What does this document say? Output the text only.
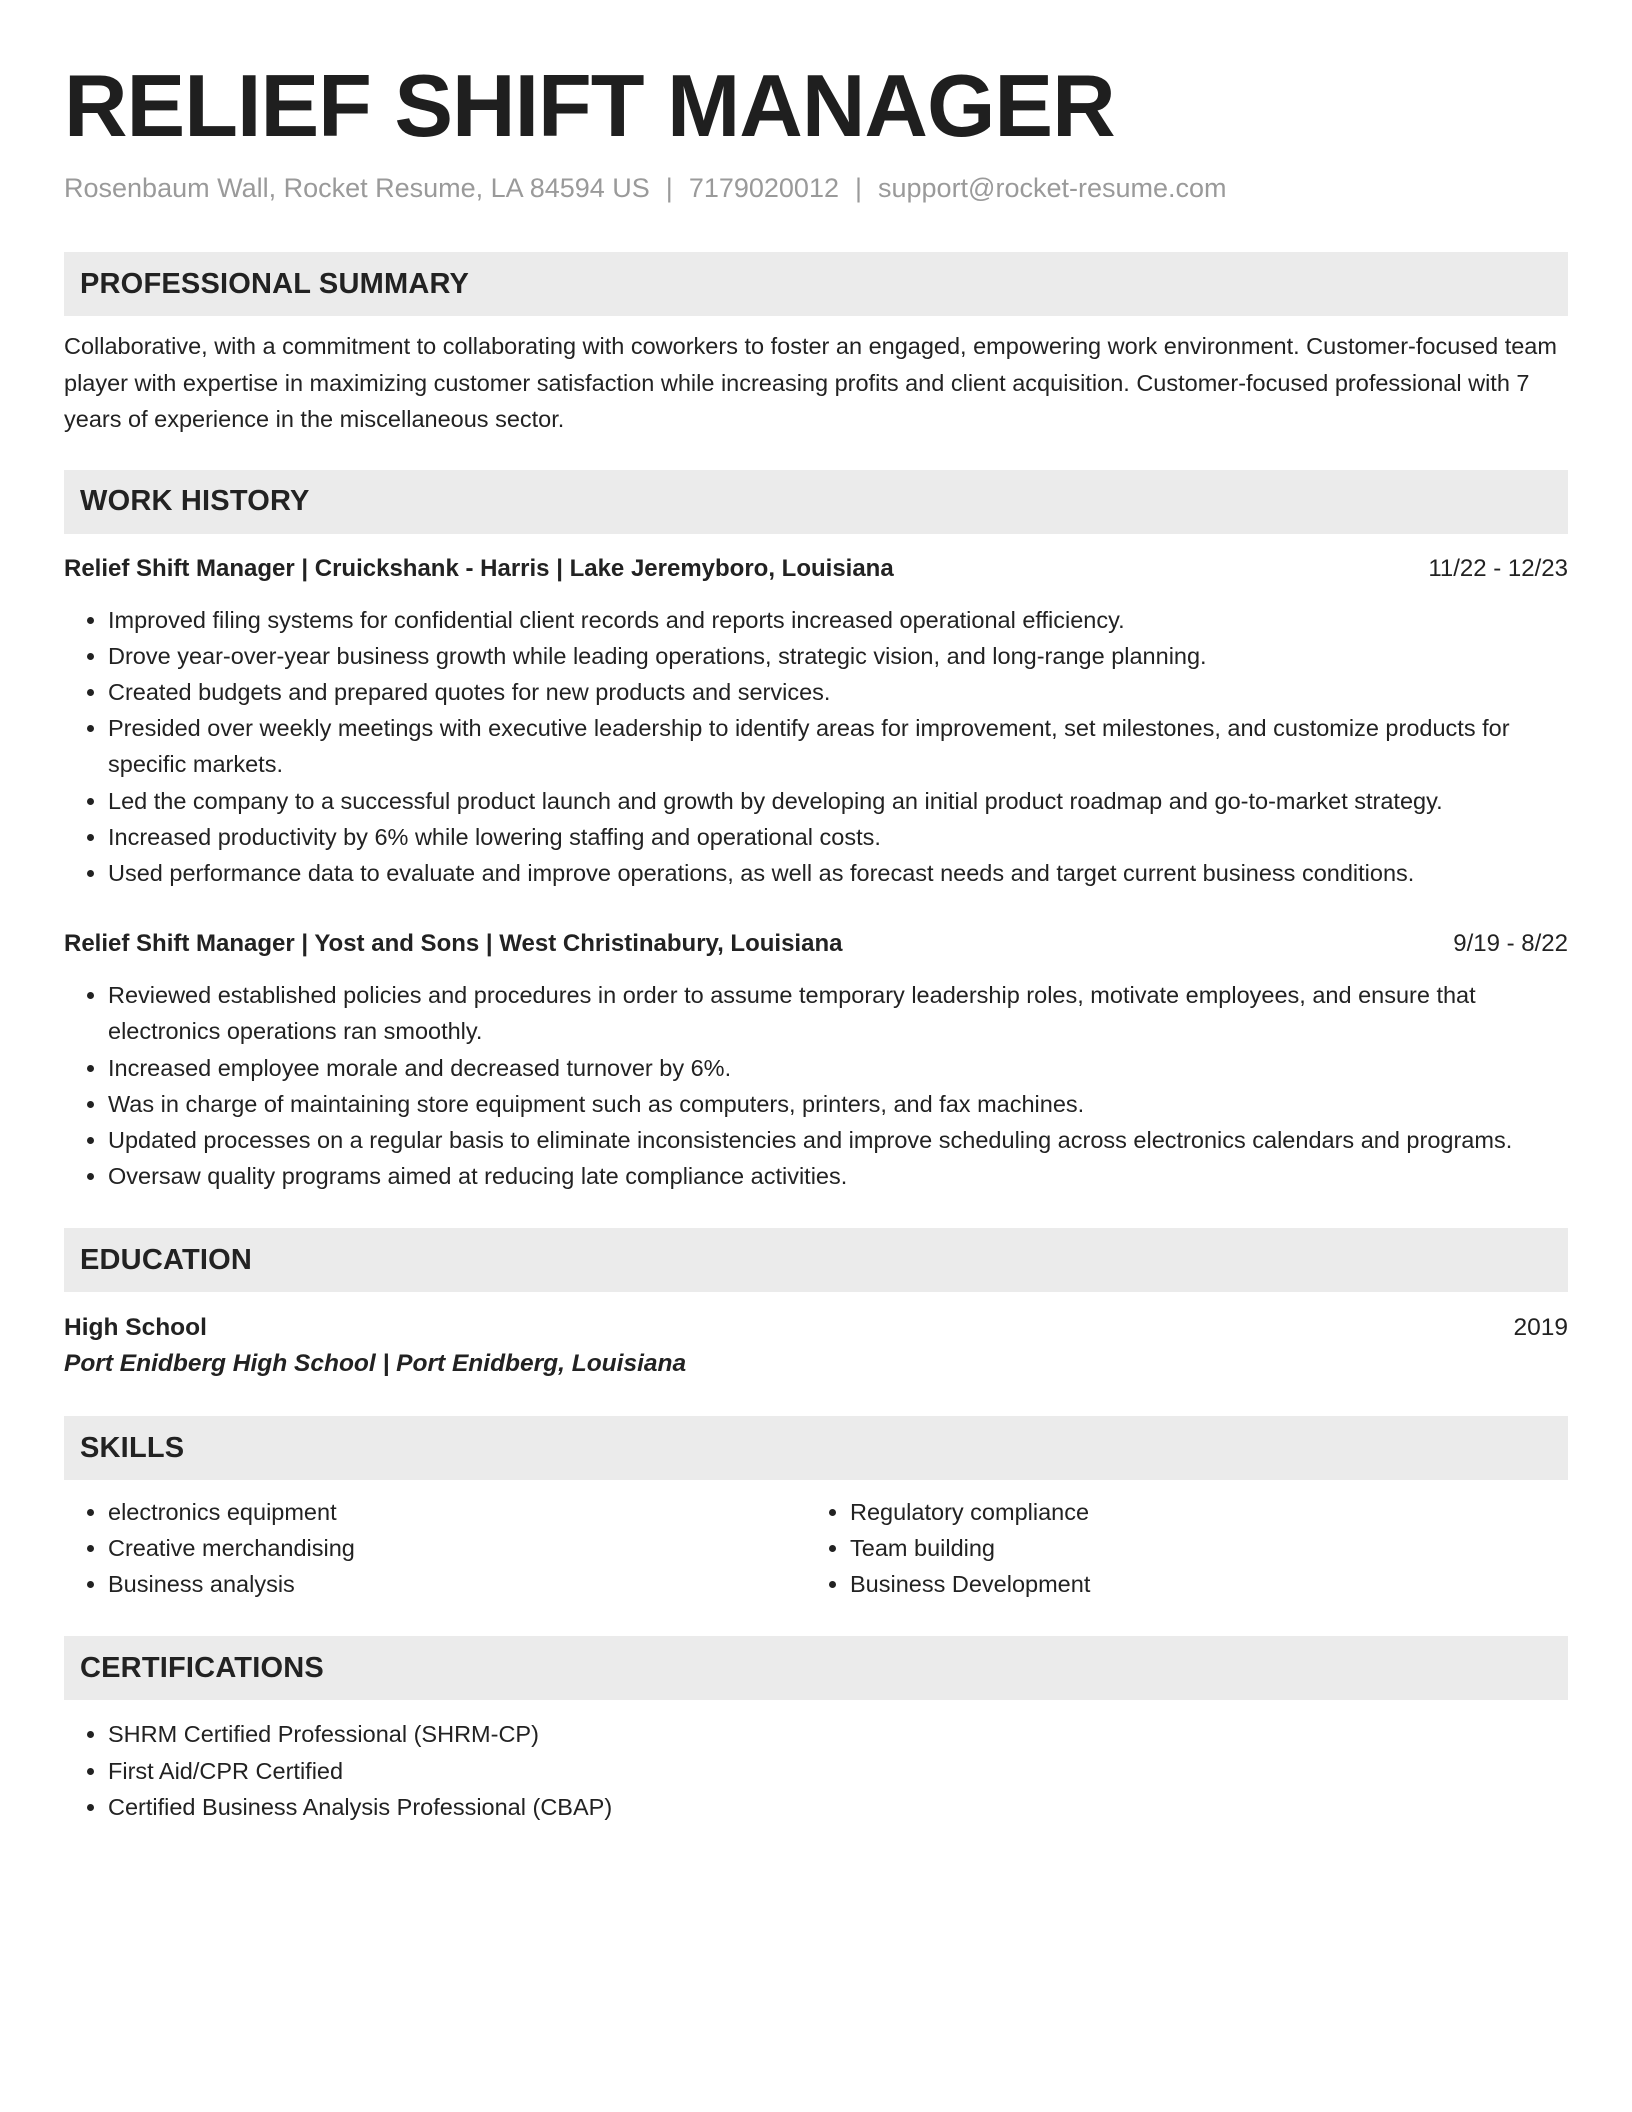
RELIEF SHIFT MANAGER
Rosenbaum Wall, Rocket Resume, LA 84594 US | 7179020012 | support@rocket-resume.com
PROFESSIONAL SUMMARY
Collaborative, with a commitment to collaborating with coworkers to foster an engaged, empowering work environment. Customer-focused team player with expertise in maximizing customer satisfaction while increasing profits and client acquisition. Customer-focused professional with 7 years of experience in the miscellaneous sector.
WORK HISTORY
Relief Shift Manager | Cruickshank - Harris | Lake Jeremyboro, Louisiana	11/22 - 12/23
• Improved filing systems for confidential client records and reports increased operational efficiency.
• Drove year-over-year business growth while leading operations, strategic vision, and long-range planning.
• Created budgets and prepared quotes for new products and services.
• Presided over weekly meetings with executive leadership to identify areas for improvement, set milestones, and customize products for specific markets.
• Led the company to a successful product launch and growth by developing an initial product roadmap and go-to-market strategy.
• Increased productivity by 6% while lowering staffing and operational costs.
• Used performance data to evaluate and improve operations, as well as forecast needs and target current business conditions.
Relief Shift Manager | Yost and Sons | West Christinabury, Louisiana	9/19 - 8/22
• Reviewed established policies and procedures in order to assume temporary leadership roles, motivate employees, and ensure that electronics operations ran smoothly.
• Increased employee morale and decreased turnover by 6%.
• Was in charge of maintaining store equipment such as computers, printers, and fax machines.
• Updated processes on a regular basis to eliminate inconsistencies and improve scheduling across electronics calendars and programs.
• Oversaw quality programs aimed at reducing late compliance activities.
EDUCATION
High School	2019
Port Enidberg High School | Port Enidberg, Louisiana
SKILLS
• electronics equipment
• Creative merchandising
• Business analysis
• Regulatory compliance
• Team building
• Business Development
CERTIFICATIONS
• SHRM Certified Professional (SHRM-CP)
• First Aid/CPR Certified
• Certified Business Analysis Professional (CBAP)
